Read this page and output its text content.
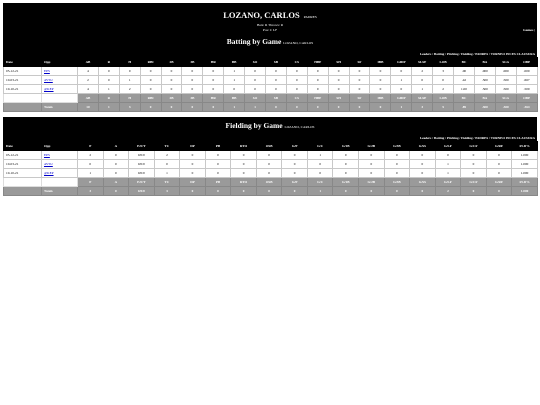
LOZANO, CARLOS PADRES
Bats: R Throws: R
Pos: C LF	Games |
Batting by Game LOZANO, CARLOS
Leaders / Batting / Pitching / Fielding / PADRES / TORNEO INCES CLAUSURA
Date	Opp	AB	R	H	RBI	2B	3B	HR	BB	SO	SB	CS	HBP	SH	SF	IBB	GIDP	SLSP	LOB	BC	BA	SLG	OBP
05-12-21	EPS	4	0	0	0	0	0	0	1	0	0	0	0	0	0	0	0	2	3	.00	.000	.000	.000
10-03-21	AVSU	2	0	1	0	0	0	0	1	0	0	0	0	0	0	0	1	0	0	.42	.500	.500	.667
10-10-21	@KEP	4	1	2	0	0	0	0	0	0	0	0	0	0	0	0	0	1	2	1.00	.500	.500	.500
		AB	R	H	RBI	2B	3B	HR	BB	SO	SB	CS	HBP	SH	SF	IBB	GIDP	SLSP	LOB	BC	BA	SLG	OBP
	Totals	10	1	3	0	0	0	0	1	1	0	0	0	0	0	0	1	3	5	.89	.300	.300	.364
Fielding by Game LOZANO, CARLOS
Leaders / Batting / Pitching / Fielding / PADRES / TORNEO INCES CLAUSURA
Date	Opp	P	A	E/F/T	TC	DP	PB	RTO	OSB	G/P	G/C	G/1B	G/2B	G/3B	G/SS	G/LF	G/CF	G/RF	FLD%
05-12-21	EPS	2	0	0/0/0	2	0	0	0	0	0	1	0	0	0	0	0	0	0	1.000
10-03-21	AVSU	0	0	0/0/0	0	0	0	0	0	0	0	0	0	0	0	1	0	0	1.000
10-10-21	@KEP	1	0	0/0/0	1	0	0	0	0	0	0	0	0	0	0	1	0	0	1.000
		P	A	E/F/T	TC	DP	PB	RTO	OSB	G/P	G/C	G/1B	G/2B	G/3B	G/SS	G/LF	G/CF	G/RF	FLD%
	Totals	3	0	0/0/0	3	0	0	0	0	0	1	0	0	0	0	2	0	0	1.000
